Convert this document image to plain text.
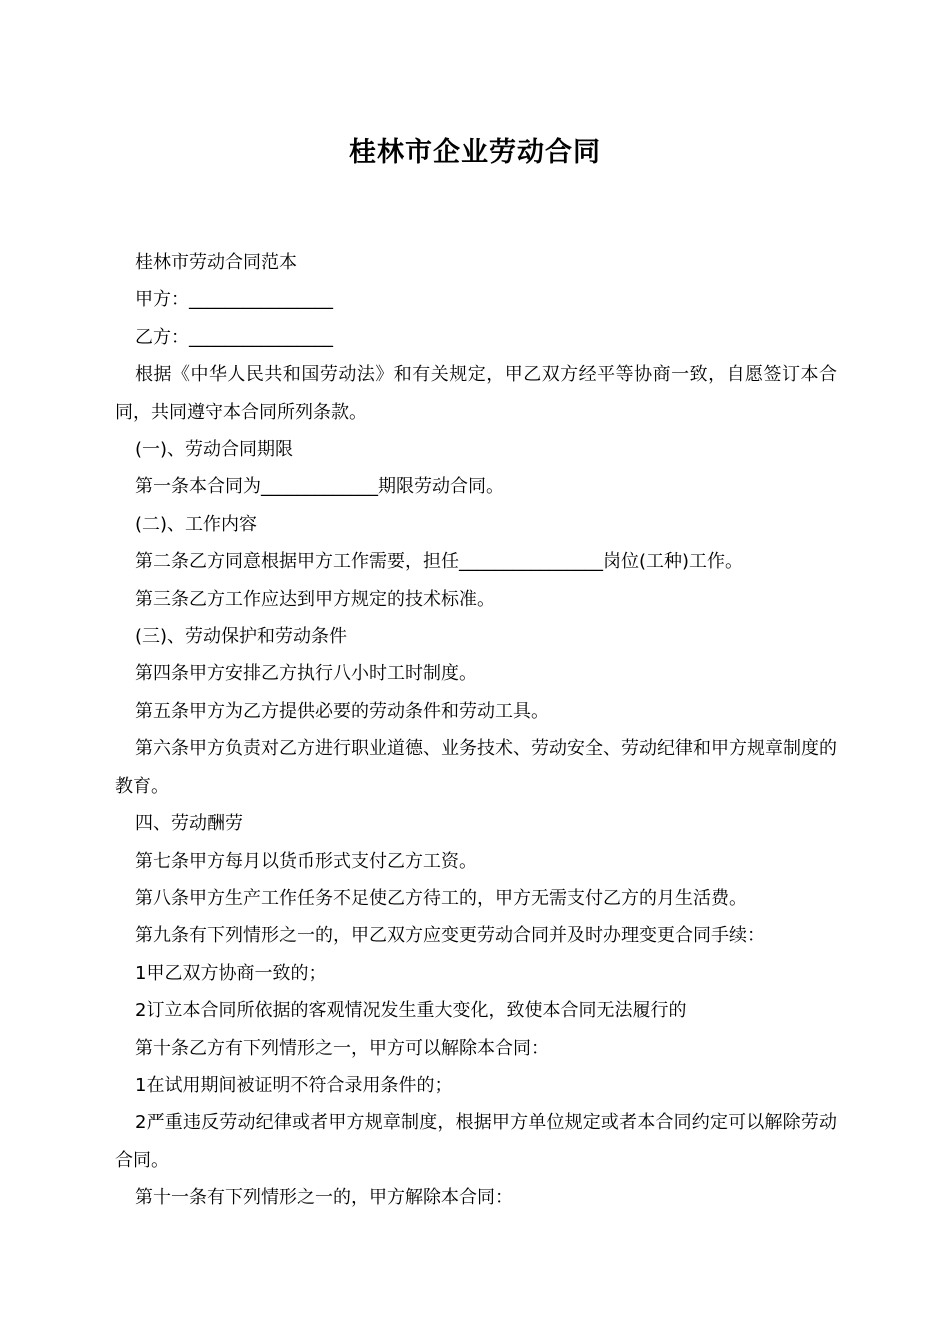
桂林市企业劳动合同

桂林市劳动合同范本

甲方：________________

乙方：________________

根据《中华人民共和国劳动法》和有关规定，甲乙双方经平等协商一致，自愿签订本合同，共同遵守本合同所列条款。

(一)、劳动合同期限

第一条本合同为_____________期限劳动合同。

(二)、工作内容

第二条乙方同意根据甲方工作需要，担任________________岗位(工种)工作。

第三条乙方工作应达到甲方规定的技术标准。

(三)、劳动保护和劳动条件

第四条甲方安排乙方执行八小时工时制度。

第五条甲方为乙方提供必要的劳动条件和劳动工具。

第六条甲方负责对乙方进行职业道德、业务技术、劳动安全、劳动纪律和甲方规章制度的教育。

四、劳动酬劳

第七条甲方每月以货币形式支付乙方工资。

第八条甲方生产工作任务不足使乙方待工的，甲方无需支付乙方的月生活费。

第九条有下列情形之一的，甲乙双方应变更劳动合同并及时办理变更合同手续：

1甲乙双方协商一致的；

2订立本合同所依据的客观情况发生重大变化，致使本合同无法履行的

第十条乙方有下列情形之一，甲方可以解除本合同：

1在试用期间被证明不符合录用条件的；

2严重违反劳动纪律或者甲方规章制度，根据甲方单位规定或者本合同约定可以解除劳动合同。

第十一条有下列情形之一的，甲方解除本合同：
